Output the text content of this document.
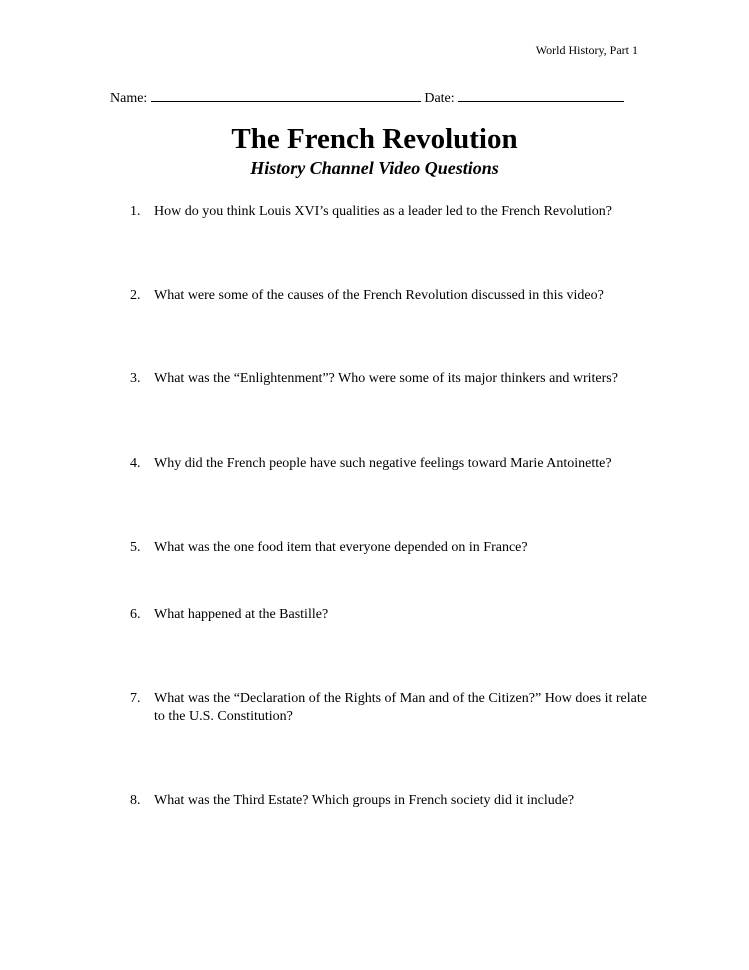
World History, Part 1
Name:	Date:
The French Revolution
History Channel Video Questions
1. How do you think Louis XVI’s qualities as a leader led to the French Revolution?
2. What were some of the causes of the French Revolution discussed in this video?
3. What was the “Enlightenment”? Who were some of its major thinkers and writers?
4. Why did the French people have such negative feelings toward Marie Antoinette?
5. What was the one food item that everyone depended on in France?
6. What happened at the Bastille?
7. What was the “Declaration of the Rights of Man and of the Citizen?” How does it relate to the U.S. Constitution?
8. What was the Third Estate? Which groups in French society did it include?
